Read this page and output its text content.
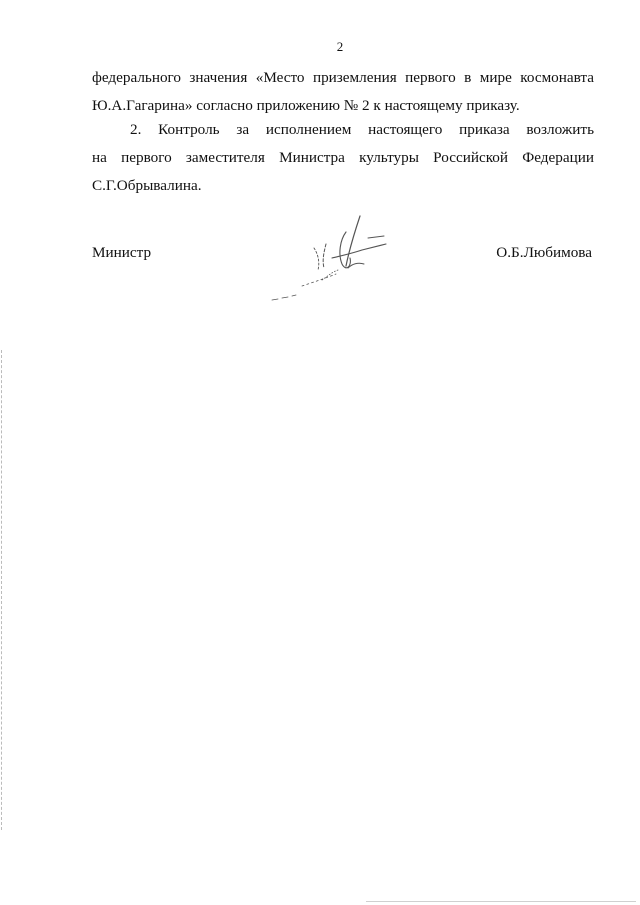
2
федерального значения «Место приземления первого в мире космонавта
Ю.А.Гагарина» согласно приложению № 2 к настоящему приказу.
2. Контроль за исполнением настоящего приказа возложить
на первого заместителя Министра культуры Российской Федерации
С.Г.Обрывалина.
Министр	О.Б.Любимова
